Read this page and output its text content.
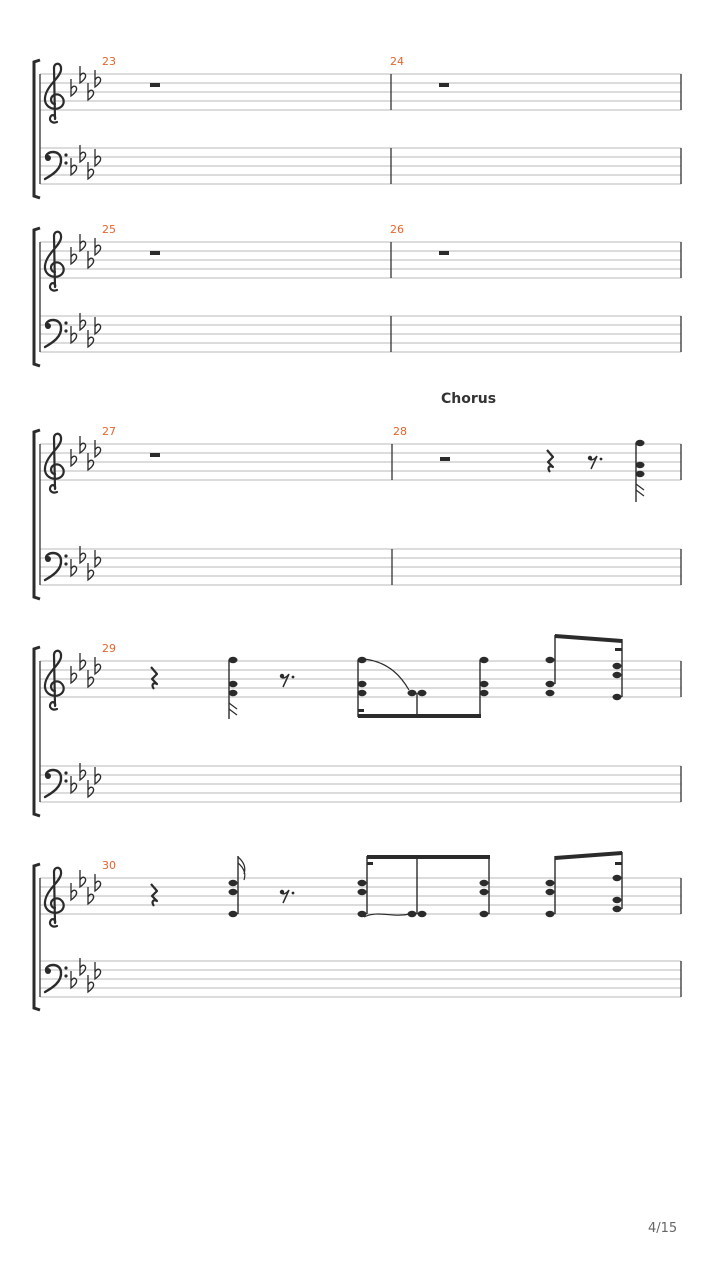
23	24
25	26
Chorus
27	28
29
30
4/15
